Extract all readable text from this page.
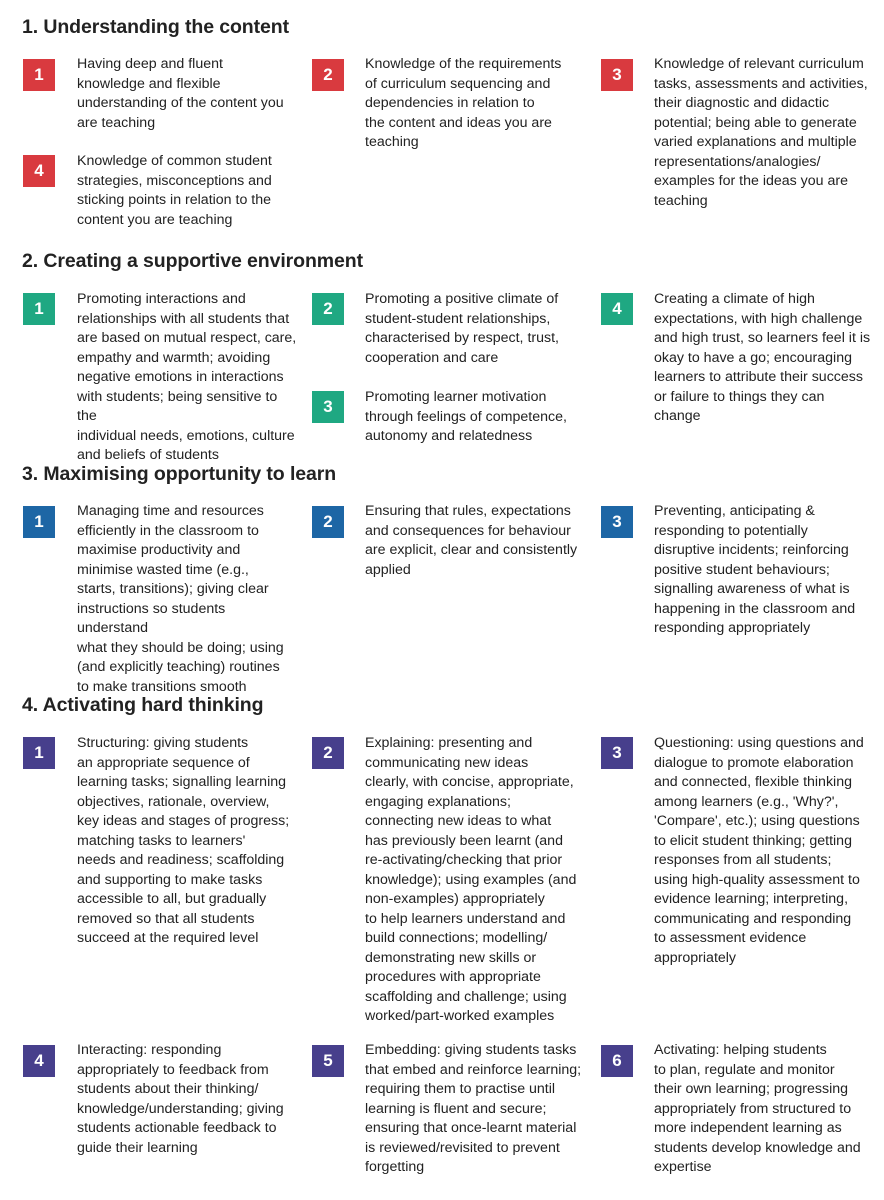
1. Understanding the content
1
Having deep and fluent
knowledge and flexible
understanding of the content you
are teaching
2
Knowledge of the requirements
of curriculum sequencing and
dependencies in relation to
the content and ideas you are
teaching
3
Knowledge of relevant curriculum
tasks, assessments and activities,
their diagnostic and didactic
potential; being able to generate
varied explanations and multiple
representations/analogies/
examples for the ideas you are
teaching
4	Knowledge of common student
strategies, misconceptions and
sticking points in relation to the
content you are teaching
2. Creating a supportive environment
1	Promoting interactions and
relationships with all students that
are based on mutual respect, care,
empathy and warmth; avoiding
negative emotions in interactions
with students; being sensitive to the
individual needs, emotions, culture
and beliefs of students
2	Promoting a positive climate of
student-student relationships,
characterised by respect, trust,
cooperation and care
3	Promoting learner motivation
through feelings of competence,
autonomy and relatedness
4	Creating a climate of high
expectations, with high challenge
and high trust, so learners feel it is
okay to have a go; encouraging
learners to attribute their success
or failure to things they can
change
3. Maximising opportunity to learn
1
Managing time and resources
efficiently in the classroom to
maximise productivity and
minimise wasted time (e.g.,
starts, transitions); giving clear
instructions so students understand
what they should be doing; using
(and explicitly teaching) routines
to make transitions smooth
2
Ensuring that rules, expectations
and consequences for behaviour
are explicit, clear and consistently
applied
3
Preventing, anticipating &
responding to potentially
disruptive incidents; reinforcing
positive student behaviours;
signalling awareness of what is
happening in the classroom and
responding appropriately
4. Activating hard thinking
1	Structuring: giving students
an appropriate sequence of
learning tasks; signalling learning
objectives, rationale, overview,
key ideas and stages of progress;
matching tasks to learners'
needs and readiness; scaffolding
and supporting to make tasks
accessible to all, but gradually
removed so that all students
succeed at the required level
2	Explaining: presenting and
communicating new ideas
clearly, with concise, appropriate,
engaging explanations;
connecting new ideas to what
has previously been learnt (and
re-activating/checking that prior
knowledge); using examples (and
non-examples) appropriately
to help learners understand and
build connections; modelling/
demonstrating new skills or
procedures with appropriate
scaffolding and challenge; using
worked/part-worked examples
3	Questioning: using questions and
dialogue to promote elaboration
and connected, flexible thinking
among learners (e.g., 'Why?',
'Compare', etc.); using questions
to elicit student thinking; getting
responses from all students;
using high-quality assessment to
evidence learning; interpreting,
communicating and responding
to assessment evidence
appropriately
4
Interacting: responding
appropriately to feedback from
students about their thinking/
knowledge/understanding; giving
students actionable feedback to
guide their learning
5
Embedding: giving students tasks
that embed and reinforce learning;
requiring them to practise until
learning is fluent and secure;
ensuring that once-learnt material
is reviewed/revisited to prevent
forgetting
6
Activating: helping students
to plan, regulate and monitor
their own learning; progressing
appropriately from structured to
more independent learning as
students develop knowledge and
expertise
